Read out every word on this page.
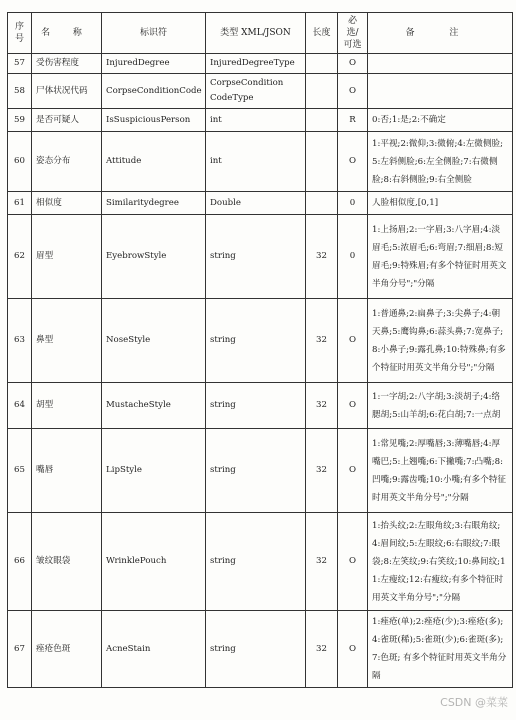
序号	名 称	标识符	类型 XML/JSON	长度	必选/可选	备 注
57	受伤害程度	InjuredDegree	InjuredDegreeType		O	
58	尸体状况代码	CorpseConditionCode	CorpseCondition CodeType		O	
59	是否可疑人	IsSuspiciousPerson	int		R	0:否;1:是;2:不确定
60	姿态分布	Attitude	int		O	1:平视;2:微仰;3:微俯;4:左微侧脸;5:左斜侧脸;6:左全侧脸;7:右微侧脸;8:右斜侧脸;9:右全侧脸
61	相似度	Similaritydegree	Double		0	人脸相似度,[0,1]
62	眉型	EyebrowStyle	string	32	0	1:上扬眉;2:一字眉;3:八字眉;4:淡眉毛;5:浓眉毛;6:弯眉;7:细眉;8:短眉毛;9:特殊眉;有多个特征时用英文半角分号";"分隔
63	鼻型	NoseStyle	string	32	O	1:普通鼻;2:扁鼻子;3:尖鼻子;4:朝天鼻;5:鹰钩鼻;6:蒜头鼻;7:宽鼻子;8:小鼻子;9:露孔鼻;10:特殊鼻;有多个特征时用英文半角分号";"分隔
64	胡型	MustacheStyle	string	32	O	1:一字胡;2:八字胡;3:淡胡子;4:络腮胡;5:山羊胡;6:花白胡;7:一点胡
65	嘴唇	LipStyle	string	32	O	1:常见嘴;2:厚嘴唇;3:薄嘴唇;4:厚嘴巴;5:上翘嘴;6:下撇嘴;7:凸嘴;8:凹嘴;9:露齿嘴;10:小嘴;有多个特征时用英文半角分号";"分隔
66	皱纹眼袋	WrinklePouch	string	32	O	1:抬头纹;2:左眼角纹;3:右眼角纹;4:眉间纹;5:左眼纹;6:右眼纹;7:眼袋;8:左笑纹;9:右笑纹;10:鼻间纹;11:左瘦纹;12:右瘦纹;有多个特征时用英文半角分号";"分隔
67	痤疮色斑	AcneStain	string	32	O	1:痤疮(单);2:痤疮(少);3:痤疮(多);4:雀斑(稀);5:雀斑(少);6:雀斑(多);7:色斑; 有多个特征时用英文半角分隔
CSDN @菜菜
